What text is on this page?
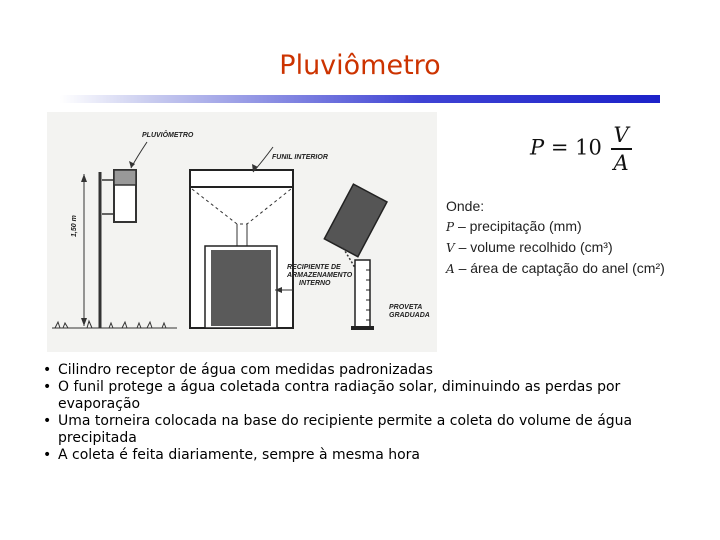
Pluviômetro
PLUVIÔMETRO
FUNIL INTERIOR
1,50 m
RECIPIENTE DE
ARMAZENAMENTO
INTERNO
PROVETA
GRADUADA
$P = 10 \frac{V}{A}$
Onde:
P – precipitação (mm)
V – volume recolhido (cm³)
A – área de captação do anel (cm²)
• Cilindro receptor de água com medidas padronizadas
• O funil protege a água coletada contra radiação solar, diminuindo as perdas por evaporação
• Uma torneira colocada na base do recipiente permite a coleta do volume de água precipitada
• A coleta é feita diariamente, sempre à mesma hora
